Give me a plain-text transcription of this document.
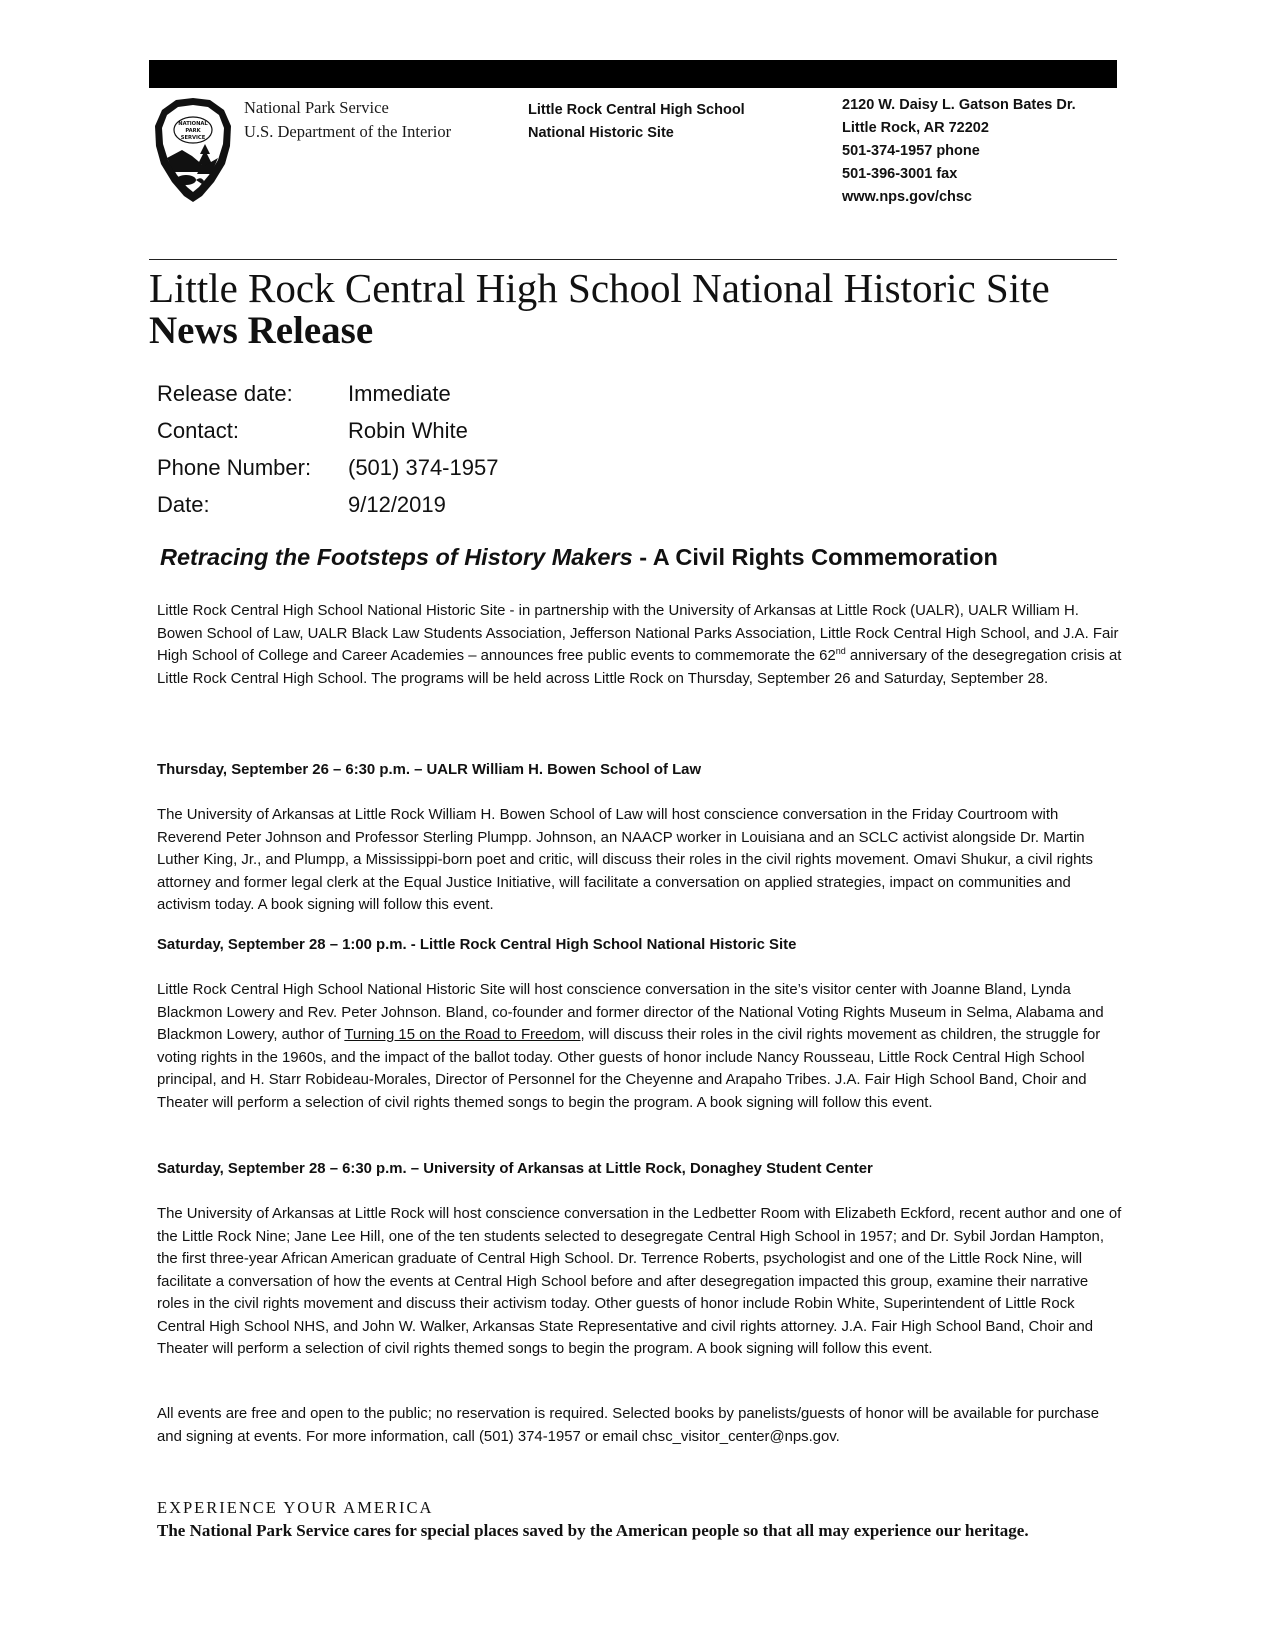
NATIONAL
PARK
SERVICE
National Park Service
U.S. Department of the Interior
Little Rock Central High School
National Historic Site
2120 W. Daisy L. Gatson Bates Dr.
Little Rock, AR 72202
501-374-1957 phone
501-396-3001 fax
www.nps.gov/chsc
Little Rock Central High School National Historic Site
News Release
Release date:	Immediate
Contact:	Robin White
Phone Number:	(501) 374-1957
Date:	9/12/2019
Retracing the Footsteps of History Makers - A Civil Rights Commemoration

Little Rock Central High School National Historic Site - in partnership with the University of Arkansas at Little Rock (UALR), UALR William H. Bowen School of Law, UALR Black Law Students Association, Jefferson National Parks Association, Little Rock Central High School, and J.A. Fair High School of College and Career Academies – announces free public events to commemorate the 62nd anniversary of the desegregation crisis at Little Rock Central High School. The programs will be held across Little Rock on Thursday, September 26 and Saturday, September 28.

Thursday, September 26 – 6:30 p.m. – UALR William H. Bowen School of Law
The University of Arkansas at Little Rock William H. Bowen School of Law will host conscience conversation in the Friday Courtroom with Reverend Peter Johnson and Professor Sterling Plumpp. Johnson, an NAACP worker in Louisiana and an SCLC activist alongside Dr. Martin Luther King, Jr., and Plumpp, a Mississippi-born poet and critic, will discuss their roles in the civil rights movement. Omavi Shukur, a civil rights attorney and former legal clerk at the Equal Justice Initiative, will facilitate a conversation on applied strategies, impact on communities and activism today. A book signing will follow this event.
Saturday, September 28 – 1:00 p.m. - Little Rock Central High School National Historic Site

Little Rock Central High School National Historic Site will host conscience conversation in the site’s visitor center with Joanne Bland, Lynda Blackmon Lowery and Rev. Peter Johnson. Bland, co-founder and former director of the National Voting Rights Museum in Selma, Alabama and Blackmon Lowery, author of Turning 15 on the Road to Freedom, will discuss their roles in the civil rights movement as children, the struggle for voting rights in the 1960s, and the impact of the ballot today. Other guests of honor include Nancy Rousseau, Little Rock Central High School principal, and H. Starr Robideau-Morales, Director of Personnel for the Cheyenne and Arapaho Tribes. J.A. Fair High School Band, Choir and Theater will perform a selection of civil rights themed songs to begin the program. A book signing will follow this event.

Saturday, September 28 – 6:30 p.m. – University of Arkansas at Little Rock, Donaghey Student Center
The University of Arkansas at Little Rock will host conscience conversation in the Ledbetter Room with Elizabeth Eckford, recent author and one of the Little Rock Nine; Jane Lee Hill, one of the ten students selected to desegregate Central High School in 1957; and Dr. Sybil Jordan Hampton, the first three-year African American graduate of Central High School. Dr. Terrence Roberts, psychologist and one of the Little Rock Nine, will facilitate a conversation of how the events at Central High School before and after desegregation impacted this group, examine their narrative roles in the civil rights movement and discuss their activism today. Other guests of honor include Robin White, Superintendent of Little Rock Central High School NHS, and John W. Walker, Arkansas State Representative and civil rights attorney. J.A. Fair High School Band, Choir and Theater will perform a selection of civil rights themed songs to begin the program. A book signing will follow this event.
All events are free and open to the public; no reservation is required. Selected books by panelists/guests of honor will be available for purchase and signing at events. For more information, call (501) 374-1957 or email chsc_visitor_center@nps.gov.
EXPERIENCE YOUR AMERICA
The National Park Service cares for special places saved by the American people so that all may experience our heritage.
